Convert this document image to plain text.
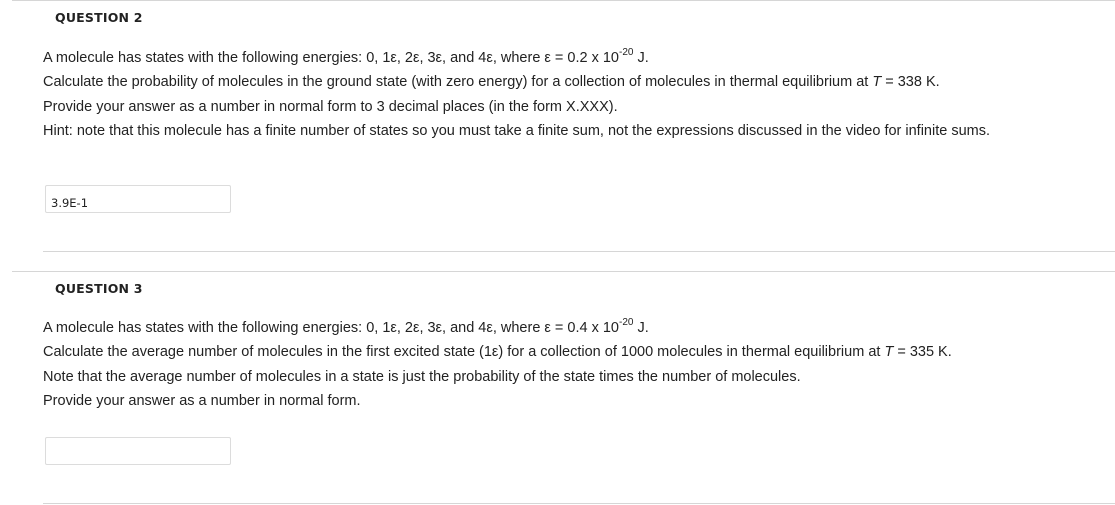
QUESTION 2

A molecule has states with the following energies: 0, 1ε, 2ε, 3ε, and 4ε, where ε = 0.2 x $10^{-20}$ J.

Calculate the probability of molecules in the ground state (with zero energy) for a collection of molecules in thermal equilibrium at T = 338 K.

Provide your answer as a number in normal form to 3 decimal places (in the form X.XXX).

Hint: note that this molecule has a finite number of states so you must take a finite sum, not the expressions discussed in the video for infinite sums.

3.9E-1
QUESTION 3

A molecule has states with the following energies: 0, 1ε, 2ε, 3ε, and 4ε, where ε = 0.4 x $10^{-20}$ J.

Calculate the average number of molecules in the first excited state (1ε) for a collection of 1000 molecules in thermal equilibrium at T = 335 K.

Note that the average number of molecules in a state is just the probability of the state times the number of molecules.

Provide your answer as a number in normal form.
